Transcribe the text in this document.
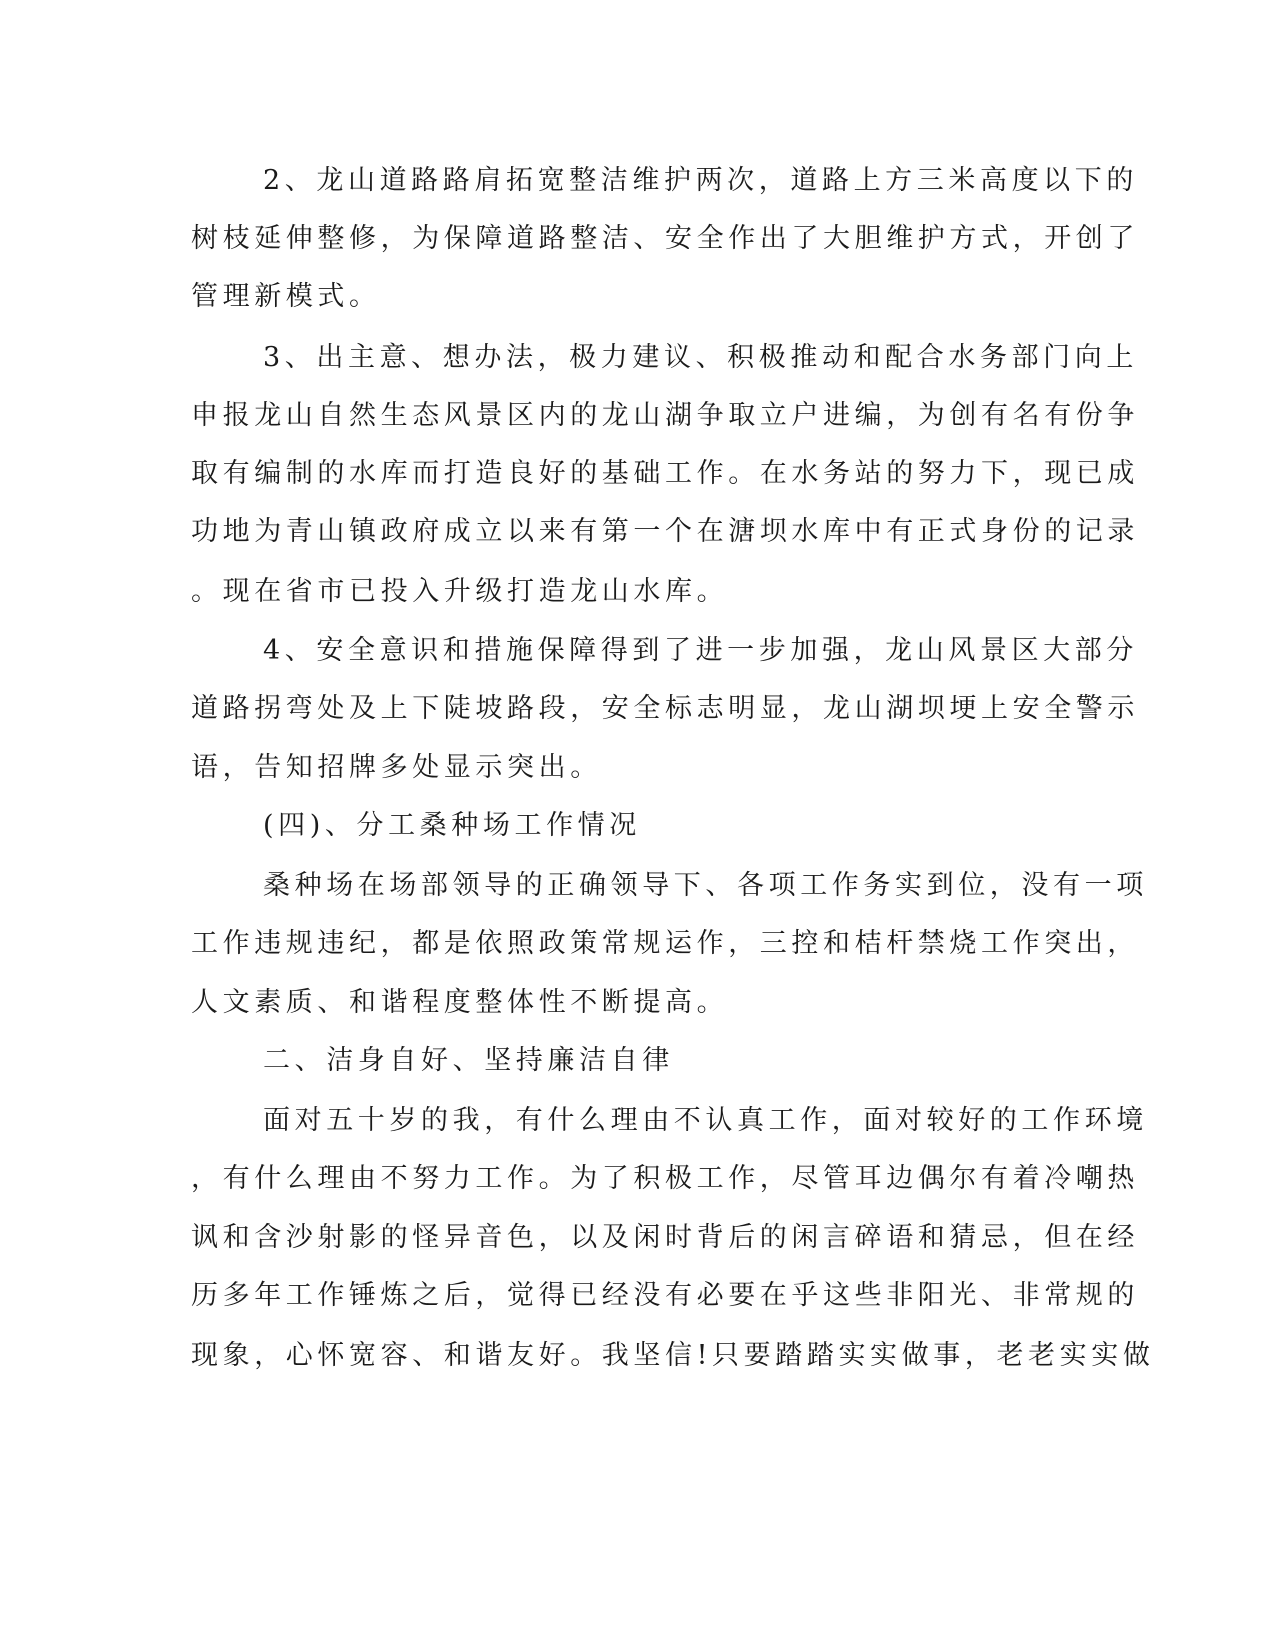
2、龙山道路路肩拓宽整洁维护两次，道路上方三米高度以下的
树枝延伸整修，为保障道路整洁、安全作出了大胆维护方式，开创了
管理新模式。
3、出主意、想办法，极力建议、积极推动和配合水务部门向上
申报龙山自然生态风景区内的龙山湖争取立户进编，为创有名有份争
取有编制的水库而打造良好的基础工作。在水务站的努力下，现已成
功地为青山镇政府成立以来有第一个在溏坝水库中有正式身份的记录
。现在省市已投入升级打造龙山水库。
4、安全意识和措施保障得到了进一步加强，龙山风景区大部分
道路拐弯处及上下陡坡路段，安全标志明显，龙山湖坝埂上安全警示
语，告知招牌多处显示突出。
(四)、分工桑种场工作情况
桑种场在场部领导的正确领导下、各项工作务实到位，没有一项
工作违规违纪，都是依照政策常规运作，三控和桔杆禁烧工作突出，
人文素质、和谐程度整体性不断提高。
二、洁身自好、坚持廉洁自律
面对五十岁的我，有什么理由不认真工作，面对较好的工作环境
，有什么理由不努力工作。为了积极工作，尽管耳边偶尔有着冷嘲热
讽和含沙射影的怪异音色，以及闲时背后的闲言碎语和猜忌，但在经
历多年工作锤炼之后，觉得已经没有必要在乎这些非阳光、非常规的
现象，心怀宽容、和谐友好。我坚信!只要踏踏实实做事，老老实实做
